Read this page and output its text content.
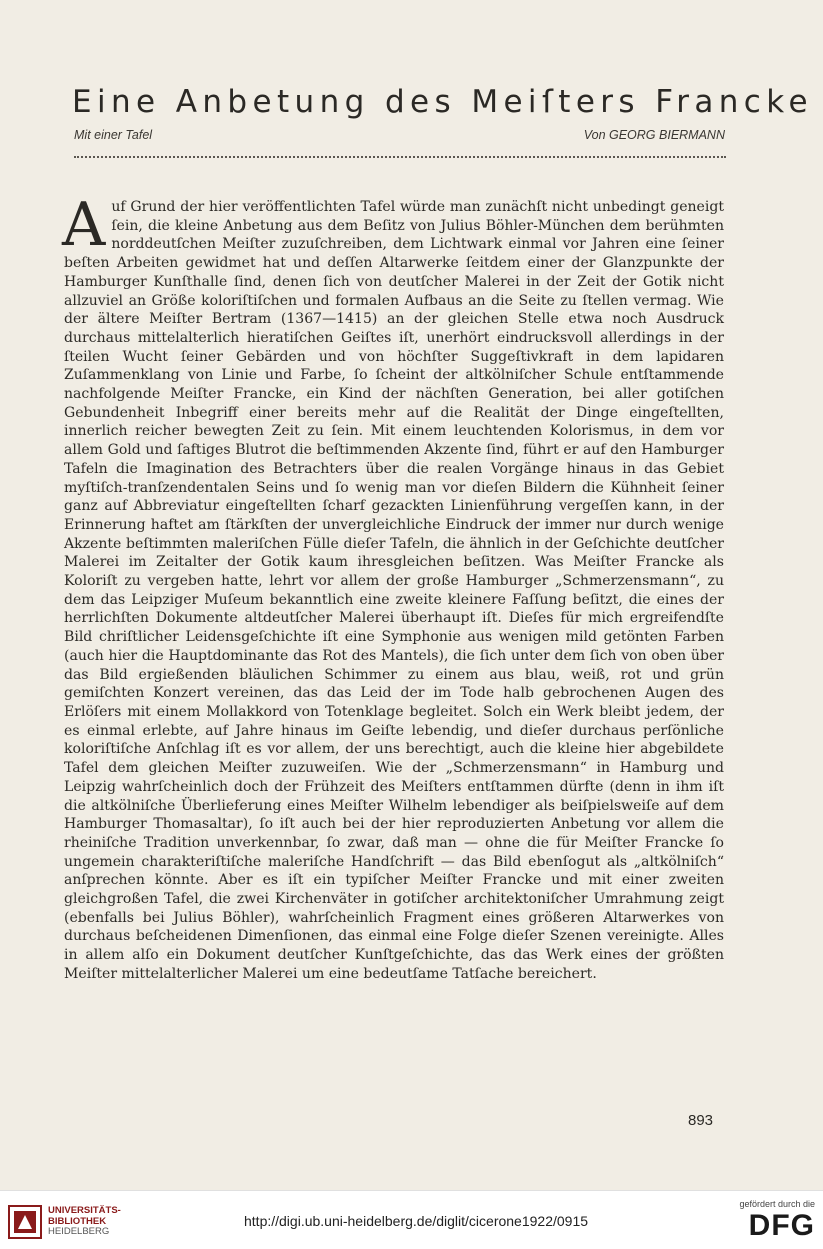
Eine Anbetung des Meiſters Francke
Mit einer Tafel	Von GEORG BIERMANN
A uf Grund der hier veröffentlichten Tafel würde man zunächſt nicht unbedingt geneigt ſein, die kleine Anbetung aus dem Beſitz von Julius Böhler-München dem berühmten norddeutſchen Meiſter zuzuſchreiben, dem Lichtwark einmal vor Jahren eine ſeiner beſten Arbeiten gewidmet hat und deſſen Altarwerke ſeitdem einer der Glanzpunkte der Hamburger Kunſthalle ſind, denen ſich von deutſcher Malerei in der Zeit der Gotik nicht allzuviel an Größe koloriſtiſchen und formalen Aufbaus an die Seite zu ſtellen vermag. Wie der ältere Meiſter Bertram (1367—1415) an der gleichen Stelle etwa noch Ausdruck durchaus mittelalterlich hieratiſchen Geiſtes iſt, unerhört eindrucksvoll allerdings in der ſteilen Wucht ſeiner Gebärden und von höchſter Suggeſtivkraft in dem lapidaren Zuſammenklang von Linie und Farbe, ſo ſcheint der altkölniſcher Schule entſtammende nachfolgende Meiſter Francke, ein Kind der nächſten Generation, bei aller gotiſchen Gebundenheit Inbegriff einer bereits mehr auf die Realität der Dinge eingeſtellten, innerlich reicher bewegten Zeit zu ſein. Mit einem leuchtenden Kolorismus, in dem vor allem Gold und ſaftiges Blutrot die beſtimmenden Akzente ſind, führt er auf den Hamburger Tafeln die Imagination des Betrachters über die realen Vorgänge hinaus in das Gebiet myſtiſch-tranſzendentalen Seins und ſo wenig man vor dieſen Bildern die Kühnheit ſeiner ganz auf Abbreviatur eingeſtellten ſcharf gezackten Linienführung vergeſſen kann, in der Erinnerung haftet am ſtärkſten der unvergleichliche Eindruck der immer nur durch wenige Akzente beſtimmten maleriſchen Fülle dieſer Tafeln, die ähnlich in der Geſchichte deutſcher Malerei im Zeitalter der Gotik kaum ihresgleichen beſitzen. Was Meiſter Francke als Koloriſt zu vergeben hatte, lehrt vor allem der große Hamburger „Schmerzensmann“, zu dem das Leipziger Muſeum bekanntlich eine zweite kleinere Faſſung beſitzt, die eines der herrlichſten Dokumente altdeutſcher Malerei überhaupt iſt. Dieſes für mich ergreifendſte Bild chriſtlicher Leidensgeſchichte iſt eine Symphonie aus wenigen mild getönten Farben (auch hier die Hauptdominante das Rot des Mantels), die ſich unter dem ſich von oben über das Bild ergießenden bläulichen Schimmer zu einem aus blau, weiß, rot und grün gemiſchten Konzert vereinen, das das Leid der im Tode halb gebrochenen Augen des Erlöſers mit einem Mollakkord von Totenklage begleitet. Solch ein Werk bleibt jedem, der es einmal erlebte, auf Jahre hinaus im Geiſte lebendig, und dieſer durchaus perſönliche koloriſtiſche Anſchlag iſt es vor allem, der uns berechtigt, auch die kleine hier abgebildete Tafel dem gleichen Meiſter zuzuweiſen. Wie der „Schmerzensmann“ in Hamburg und Leipzig wahrſcheinlich doch der Frühzeit des Meiſters entſtammen dürfte (denn in ihm iſt die altkölniſche Überlieferung eines Meiſter Wilhelm lebendiger als beiſpielsweiſe auf dem Hamburger Thomasaltar), ſo iſt auch bei der hier reproduzierten Anbetung vor allem die rheiniſche Tradition unverkennbar, ſo zwar, daß man — ohne die für Meiſter Francke ſo ungemein charakteriſtiſche maleriſche Handſchrift — das Bild ebenſogut als „altkölniſch“ anſprechen könnte. Aber es iſt ein typiſcher Meiſter Francke und mit einer zweiten gleichgroßen Tafel, die zwei Kirchenväter in gotiſcher architektoniſcher Umrahmung zeigt (ebenfalls bei Julius Böhler), wahrſcheinlich Fragment eines größeren Altarwerkes von durchaus beſcheidenen Dimenſionen, das einmal eine Folge dieſer Szenen vereinigte. Alles in allem alſo ein Dokument deutſcher Kunſtgeſchichte, das das Werk eines der größten Meiſter mittelalterlicher Malerei um eine bedeutſame Tatſache bereichert.

893
UNIVERSITÄTS-
BIBLIOTHEK
HEIDELBERG
http://digi.ub.uni-heidelberg.de/diglit/cicerone1922/0915
gefördert durch die
DFG
